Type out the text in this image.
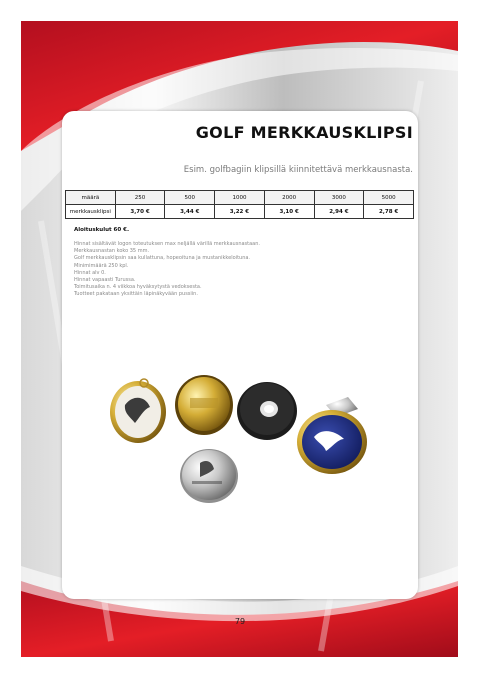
GOLF MERKKAUSKLIPSI
Esim. golfbagiin klipsillä kiinnitettävä merkkausnasta.
määrä	250	500	1000	2000	3000	5000
merkkausklipsi	3,70 €	3,44 €	3,22 €	3,10 €	2,94 €	2,78 €
Aloituskulut 60 €.
Hinnat sisältävät logon toteutuksen max neljällä värillä merkkausnastaan.
Merkkausnastan koko 35 mm.
Golf merkkausklipsin saa kullattuna, hopeoituna ja mustanikkeloituna.
Minimimäärä 250 kpl.
Hinnat alv 0.
Hinnat vapaasti Turussa.
Toimitusaika n. 4 viikkoa hyväksytystä vedoksesta.
Tuotteet pakataan yksittäin läpinäkyvään pussiin.
79
